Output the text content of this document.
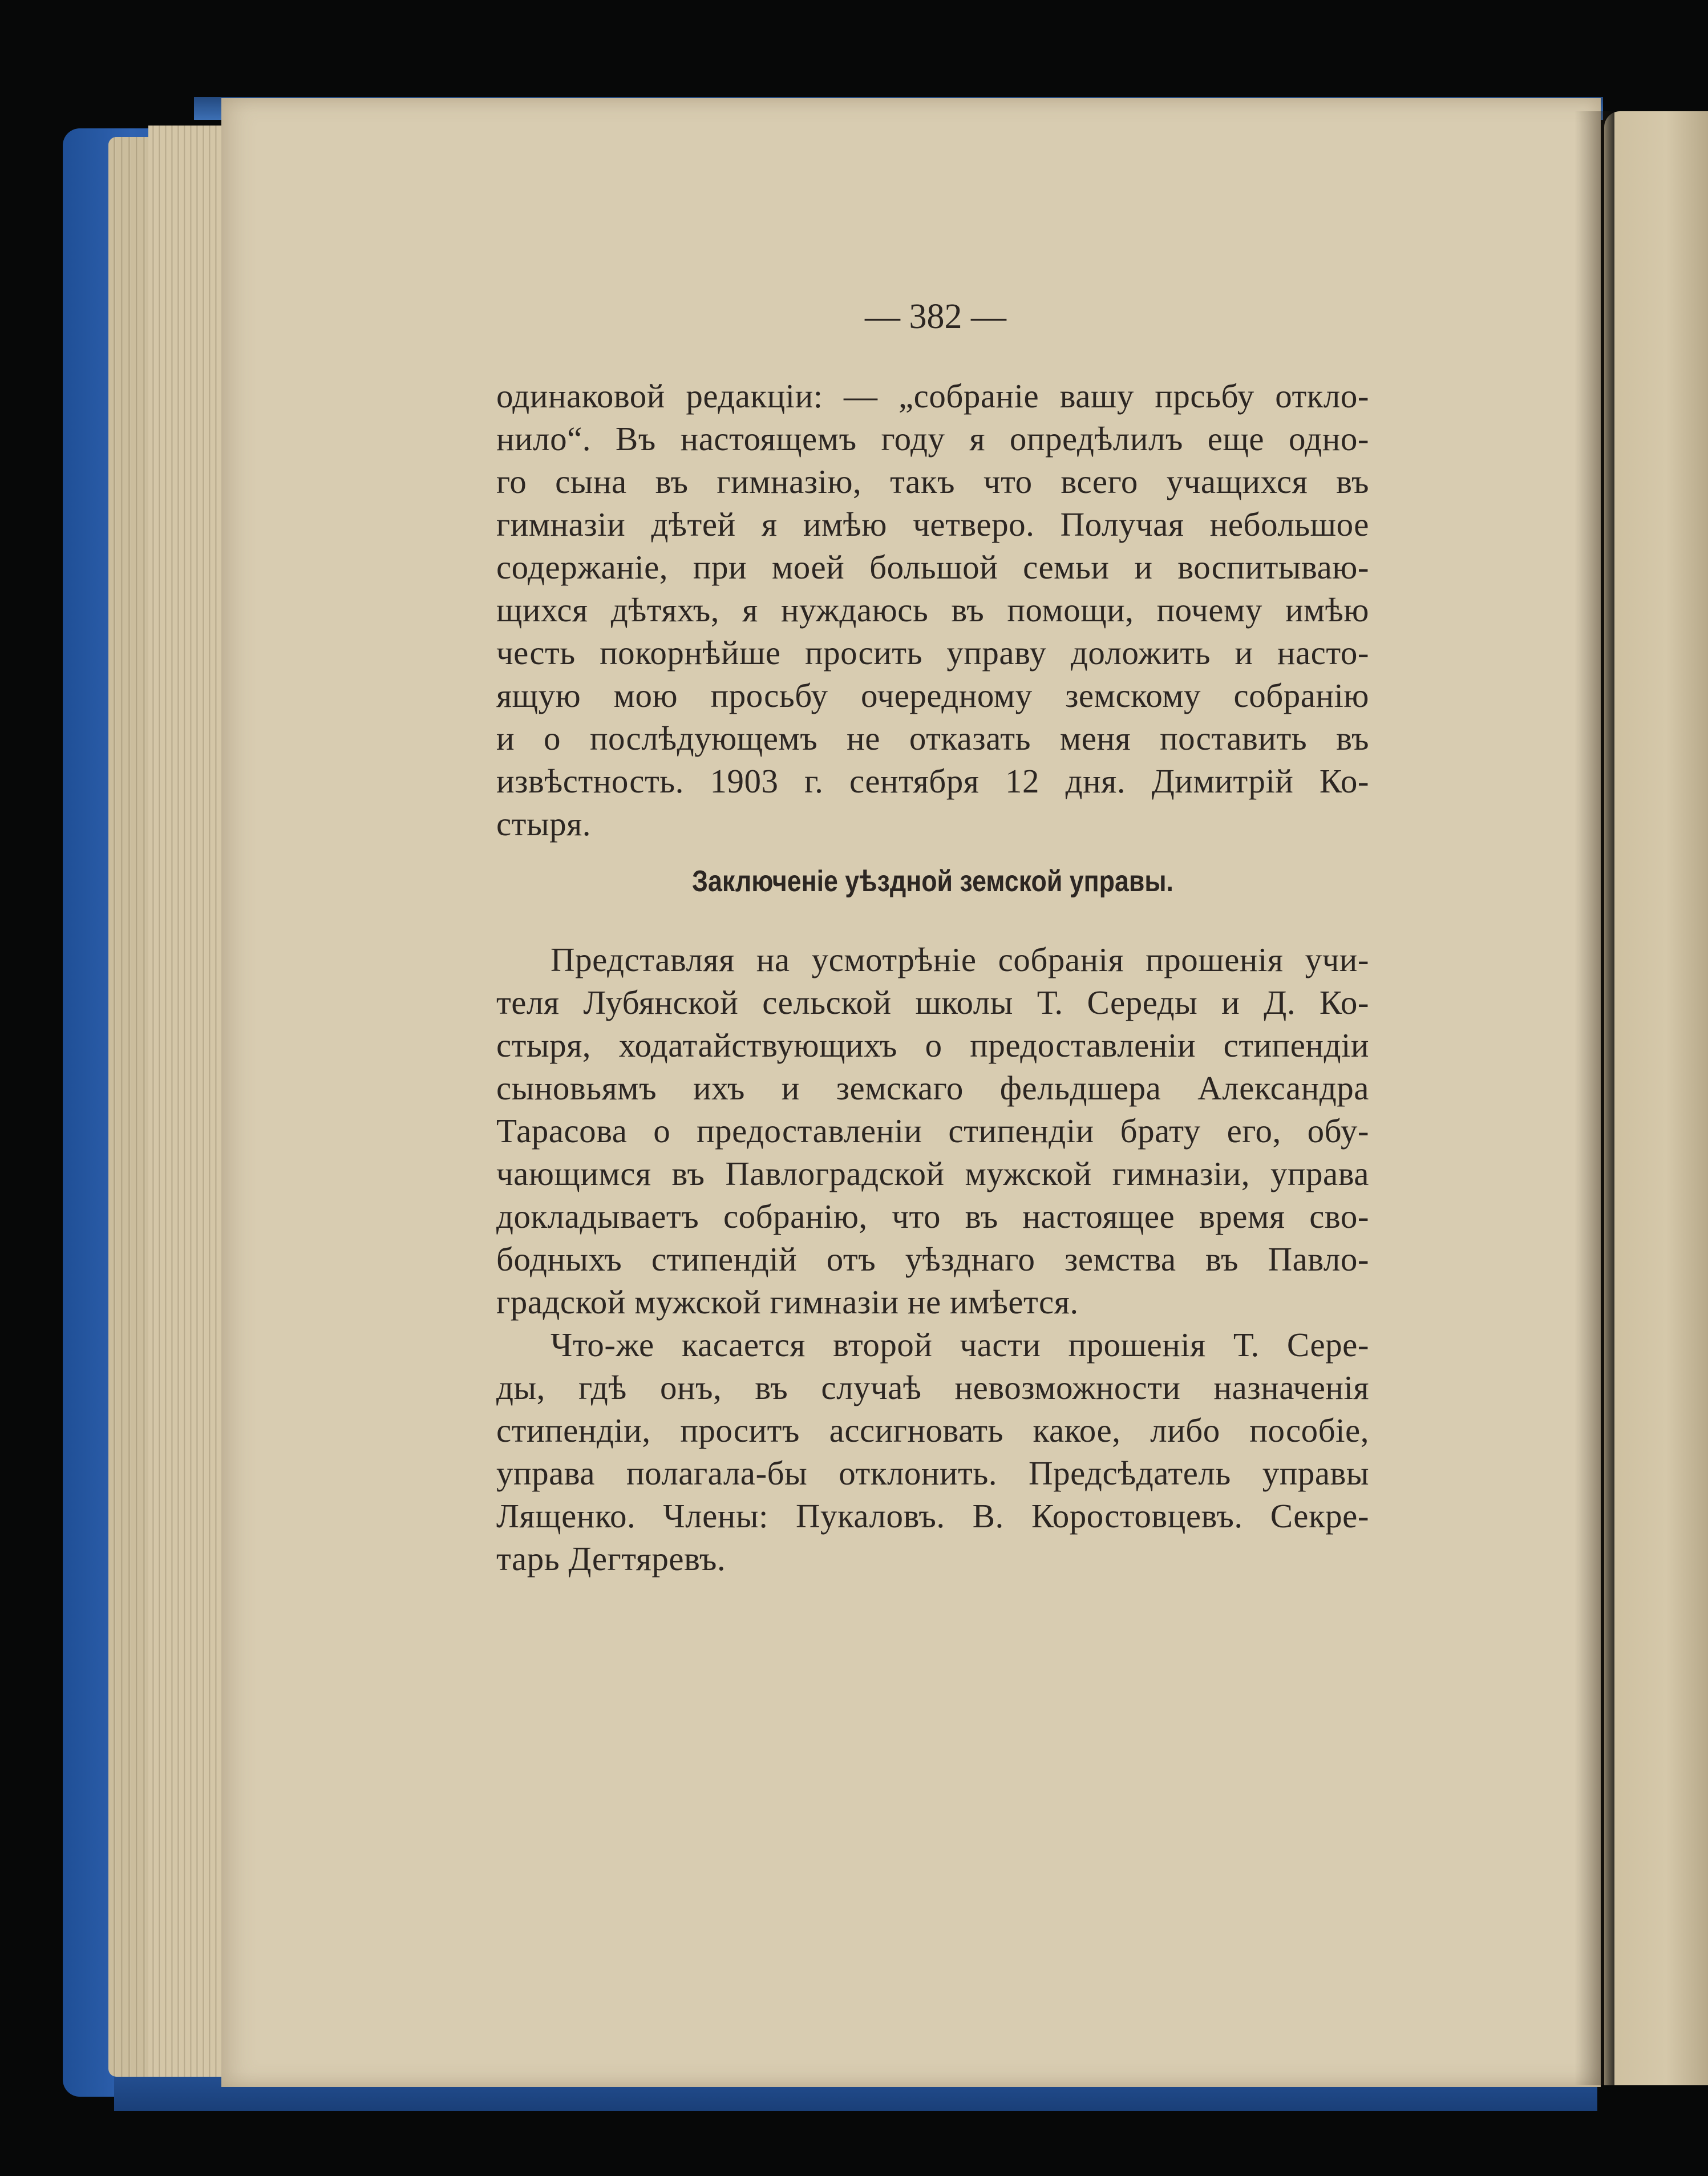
— 382 —
одинаковой редакціи: — „собраніе вашу прсьбу откло-
нило“. Въ настоящемъ году я опредѣлилъ еще одно-
го сына въ гимназію, такъ что всего учащихся въ
гимназіи дѣтей я имѣю четверо. Получая небольшое
содержаніе, при моей большой семьи и воспитываю-
щихся дѣтяхъ, я нуждаюсь въ помощи, почему имѣю
честь покорнѣйше просить управу доложить и насто-
ящую мою просьбу очередному земскому собранію
и о послѣдующемъ не отказать меня поставить въ
извѣстность. 1903 г. сентября 12 дня. Димитрій Ко-
стыря.
Заключеніе уѣздной земской управы.
Представляя на усмотрѣніе собранія прошенія учи-
теля Лубянской сельской школы Т. Середы и Д. Ко-
стыря, ходатайствующихъ о предоставленіи стипендіи
сыновьямъ ихъ и земскаго фельдшера Александра
Тарасова о предоставленіи стипендіи брату его, обу-
чающимся въ Павлоградской мужской гимназіи, управа
докладываетъ собранію, что въ настоящее время сво-
бодныхъ стипендій отъ уѣзднаго земства въ Павло-
градской мужской гимназіи не имѣется.
Что-же касается второй части прошенія Т. Сере-
ды, гдѣ онъ, въ случаѣ невозможности назначенія
стипендіи, проситъ ассигновать какое, либо пособіе,
управа полагала-бы отклонить. Предсѣдатель управы
Лященко. Члены: Пукаловъ. В. Коростовцевъ. Секре-
тарь Дегтяревъ.
